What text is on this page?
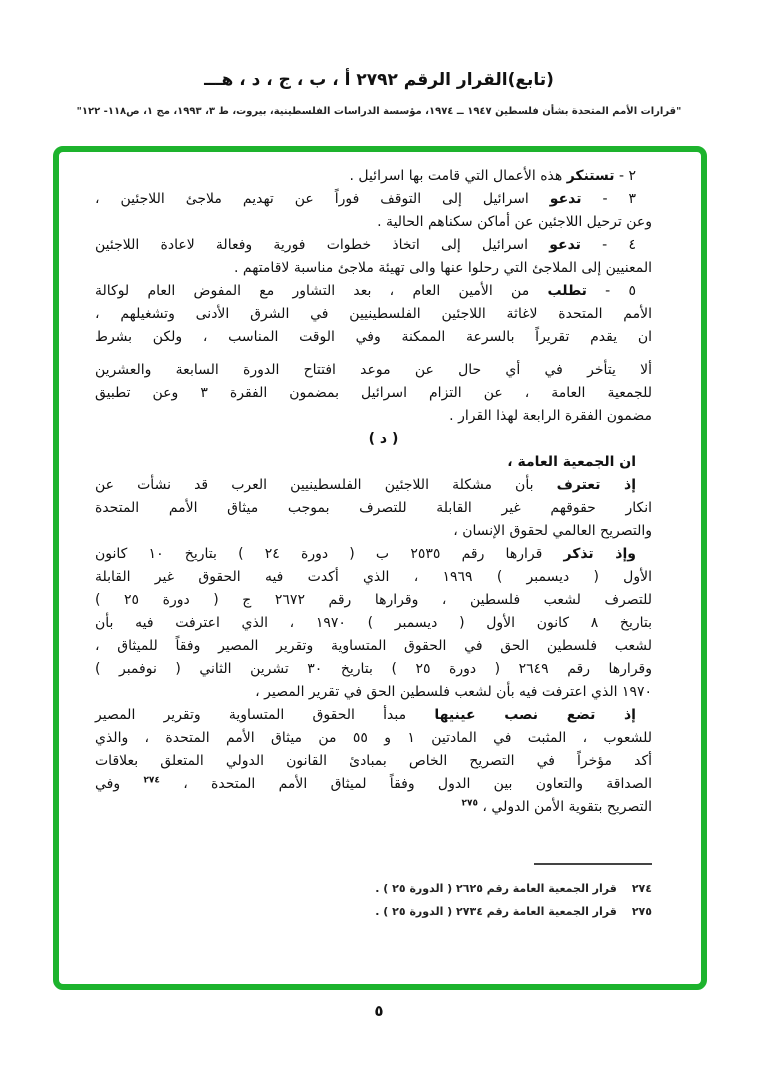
(تابع)القرار الرقم ٢٧٩٢ أ ، ب ، ج ، د ، هـــ
"قرارات الأمم المتحدة بشأن فلسطين ١٩٤٧ ــ ١٩٧٤، مؤسسة الدراسات الفلسطينية، بيروت، ط ٣، ١٩٩٣، مج ١، ص١١٨- ١٢٢"
٢ - تستنكر هذه الأعمال التي قامت بها اسرائيل .
٣ - تدعو اسرائيل إلى التوقف فوراً عن تهديم ملاجئ اللاجئين ،
وعن ترحيل اللاجئين عن أماكن سكناهم الحالية .
٤ - تدعو اسرائيل إلى اتخاذ خطوات فورية وفعالة لاعادة اللاجئين
المعنيين إلى الملاجئ التي رحلوا عنها والى تهيئة ملاجئ مناسبة لاقامتهم .
٥ - تطلب من الأمين العام ، بعد التشاور مع المفوض العام لوكالة
الأمم المتحدة لاغاثة اللاجئين الفلسطينيين في الشرق الأدنى وتشغيلهم ،
ان يقدم تقريراً بالسرعة الممكنة وفي الوقت المناسب ، ولكن بشرط
ألا يتأخر في أي حال عن موعد افتتاح الدورة السابعة والعشرين
للجمعية العامة ، عن التزام اسرائيل بمضمون الفقرة ٣ وعن تطبيق
مضمون الفقرة الرابعة لهذا القرار .
( د )
ان الجمعية العامة ،
إذ تعترف بأن مشكلة اللاجئين الفلسطينيين العرب قد نشأت عن
انكار حقوقهم غير القابلة للتصرف بموجب ميثاق الأمم المتحدة
والتصريح العالمي لحقوق الإنسان ،
وإذ تذكر قرارها رقم ٢٥٣٥ ب ( دورة ٢٤ ) بتاريخ ١٠ كانون
الأول ( ديسمبر ) ١٩٦٩ ، الذي أكدت فيه الحقوق غير القابلة
للتصرف لشعب فلسطين ، وقرارها رقم ٢٦٧٢ ج ( دورة ٢٥ )
بتاريخ ٨ كانون الأول ( ديسمبر ) ١٩٧٠ ، الذي اعترفت فيه بأن
لشعب فلسطين الحق في الحقوق المتساوية وتقرير المصير وفقاً للميثاق ،
وقرارها رقم ٢٦٤٩ ( دورة ٢٥ ) بتاريخ ٣٠ تشرين الثاني ( نوفمبر )
١٩٧٠ الذي اعترفت فيه بأن لشعب فلسطين الحق في تقرير المصير ،
إذ تضع نصب عينيها مبدأ الحقوق المتساوية وتقرير المصير
للشعوب ، المثبت في المادتين ١ و ٥٥ من ميثاق الأمم المتحدة ، والذي
أكد مؤخراً في التصريح الخاص بمبادئ القانون الدولي المتعلق بعلاقات
الصداقة والتعاون بين الدول وفقاً لميثاق الأمم المتحدة ، $^{٢٧٤}$ وفي
التصريح بتقوية الأمن الدولي ، $^{٢٧٥}$
٢٧٤
قرار الجمعية العامة رقم ٢٦٢٥ ( الدورة ٢٥ ) .
٢٧٥
قرار الجمعية العامة رقم ٢٧٣٤ ( الدورة ٢٥ ) .
٥
